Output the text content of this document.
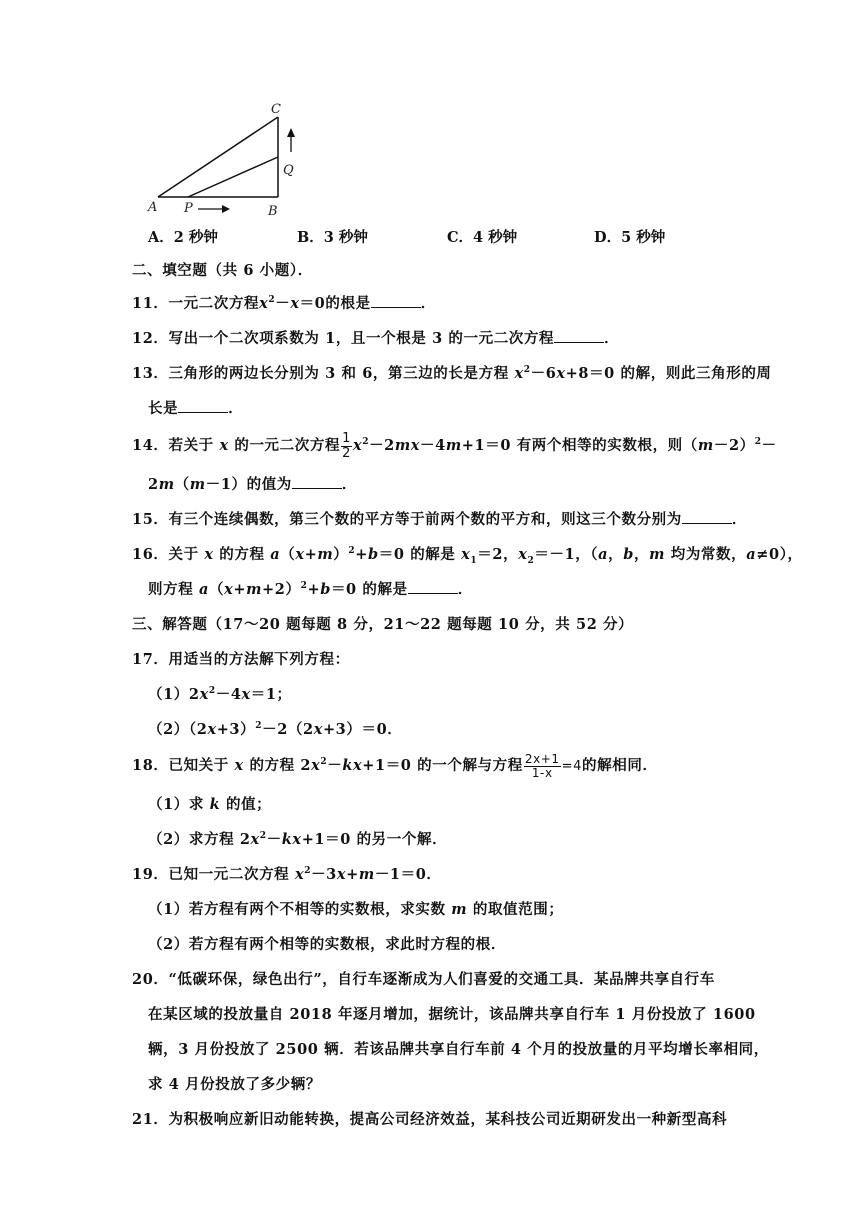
C
Q
A P	B
A．2 秒钟	B．3 秒钟	C．4 秒钟	D．5 秒钟
二、填空题（共 6 小题）．
11．一元二次方程$x^2-x=0$的根是	．
12．写出一个二次项系数为 1，且一个根是 3 的一元二次方程	．
13．三角形的两边长分别为 3 和 6，第三边的长是方程 $x^2-6x+8=0$ 的解，则此三角形的周
长是	．
14．若关于 x 的一元二次方程 $\frac{1}{2} x^2-2mx-4m+1=0$ 有两个相等的实数根，则$(m-2)^2-$
2m（m－1）的值为	．
15．有三个连续偶数，第三个数的平方等于前两个数的平方和，则这三个数分别为	．
16．关于 x 的方程 $a(x+m)^2+b=0$ 的解是 $x_1=2$，$x_2=-1$，（a，b，m 均为常数，a≠0），
则方程 $a(x+m+2)^2+b=0$ 的解是	．
三、解答题（17～20 题每题 8 分，21～22 题每题 10 分，共 52 分）
17．用适当的方法解下列方程：
$(1)2x^2-4x=1$；
$(2)(2x+3)^2-2(2x+3)=0$．
18．已知关于 x 的方程 $2x^2-kx+1=0$ 的一个解与方程 $\frac{2x+1}{1-x} =4$的解相同．
（1）求 k 的值；
（2）求方程 $2x^2-kx+1=0$ 的另一个解．
19．已知一元二次方程 $x^2-3x+m-1=0$．
（1）若方程有两个不相等的实数根，求实数 m 的取值范围；
（2）若方程有两个相等的实数根，求此时方程的根．
20．“低碳环保，绿色出行”，自行车逐渐成为人们喜爱的交通工具．某品牌共享自行车
在某区域的投放量自 2018 年逐月增加，据统计，该品牌共享自行车 1 月份投放了 1600
辆，3 月份投放了 2500 辆．若该品牌共享自行车前 4 个月的投放量的月平均增长率相同，
求 4 月份投放了多少辆？
21．为积极响应新旧动能转换，提高公司经济效益，某科技公司近期研发出一种新型高科
